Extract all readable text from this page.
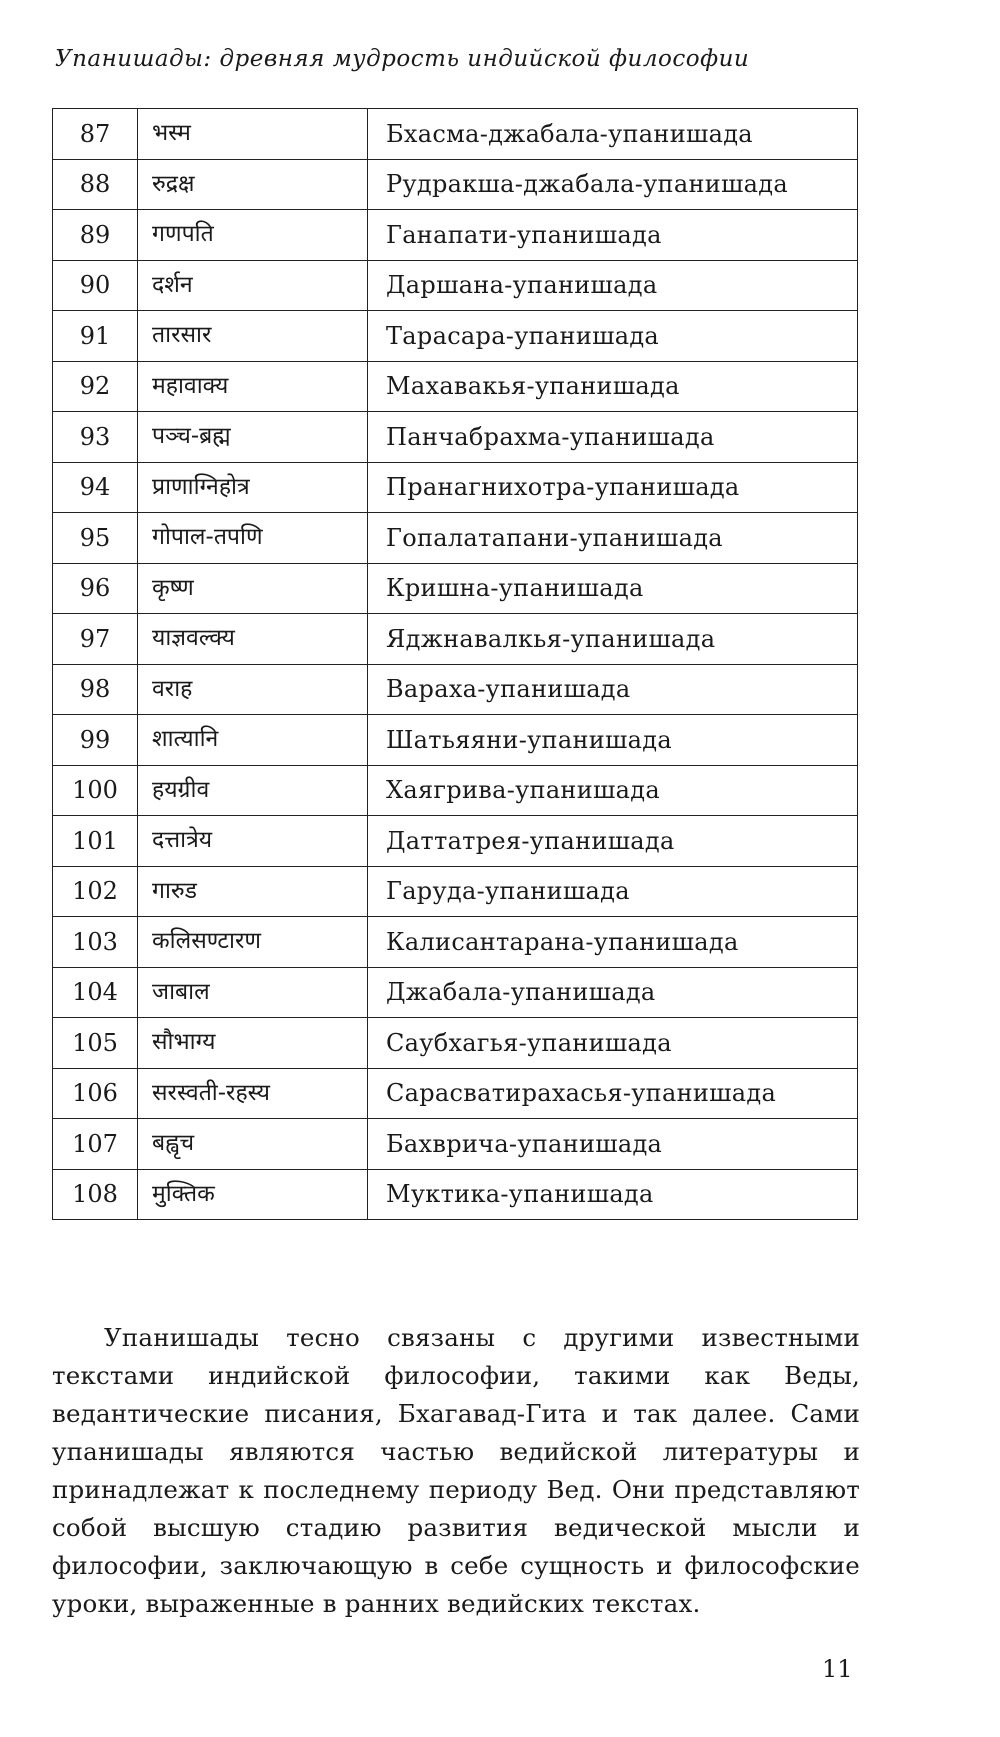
Упанишады: древняя мудрость индийской философии
87	भस्म	Бхасма-джабала-упанишада
88	रुद्रक्ष	Рудракша-джабала-упанишада
89	गणपति	Ганапати-упанишада
90	दर्शन	Даршана-упанишада
91	तारसार	Тарасара-упанишада
92	महावाक्य	Махавакья-упанишада
93	पञ्च-ब्रह्म	Панчабрахма-упанишада
94	प्राणाग्निहोत्र	Пранагнихотра-упанишада
95	गोपाल-तपणि	Гопалатапани-упанишада
96	कृष्ण	Кришна-упанишада
97	याज्ञवल्क्य	Яджнавалкья-упанишада
98	वराह	Вараха-упанишада
99	शात्यानि	Шатьяяни-упанишада
100	हयग्रीव	Хаягрива-упанишада
101	दत्तात्रेय	Даттатрея-упанишада
102	गारुड	Гаруда-упанишада
103	कलिसण्टारण	Калисантарана-упанишада
104	जाबाल	Джабала-упанишада
105	सौभाग्य	Саубхагья-упанишада
106	सरस्वती-रहस्य	Сарасватирахасья-упанишада
107	बह्वृच	Бахвричa-упанишада
108	मुक्तिक	Муктика-упанишада

Упанишады тесно связаны с другими известными текстами индийской философии, такими как Веды, ведантические писания, Бхагавад-Гита и так далее. Сами упанишады являются частью ведийской литературы и принадлежат к последнему периоду Вед. Они представляют собой высшую стадию развития ведической мысли и философии, заключающую в себе сущность и философские уроки, выраженные в ранних ведийских текстах.

11
